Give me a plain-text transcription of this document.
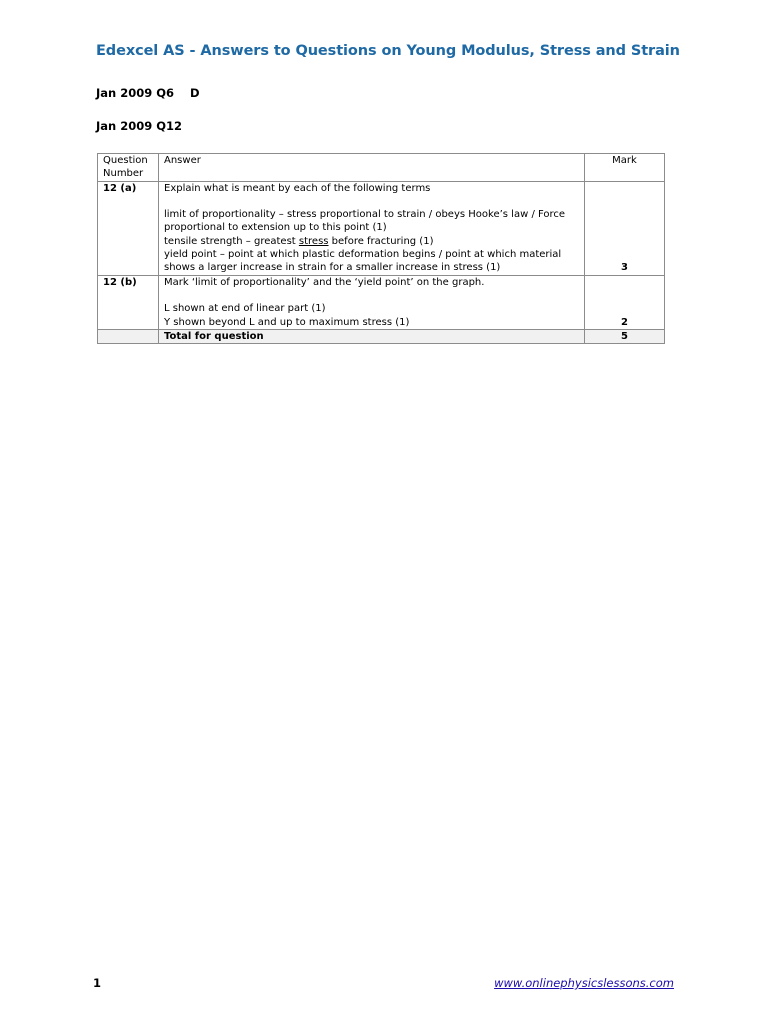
Edexcel AS - Answers to Questions on Young Modulus, Stress and Strain
Jan 2009 Q6 D
Jan 2009 Q12
Question Number	Answer	Mark
12 (a)	Explain what is meant by each of the following terms
limit of proportionality – stress proportional to strain / obeys Hooke’s law / Force proportional to extension up to this point (1)
tensile strength – greatest stress before fracturing (1)
yield point – point at which plastic deformation begins / point at which material shows a larger increase in strain for a smaller increase in stress (1)	3
12 (b)	Mark ‘limit of proportionality’ and the ‘yield point’ on the graph.
L shown at end of linear part (1)
Y shown beyond L and up to maximum stress (1)	2
	Total for question	5
1	www.onlinephysicslessons.com
